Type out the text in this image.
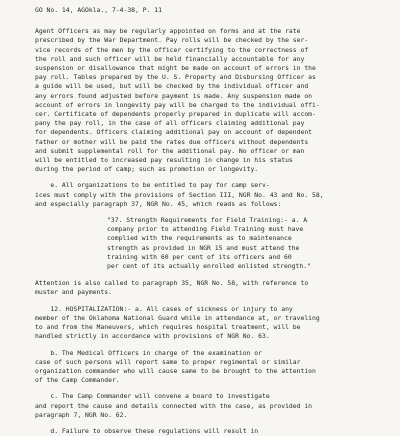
GO No. 14, AGOkla., 7-4-38, P. 11
Agent Officers as may be regularly appointed on forms and at the rate
prescribed by the War Department. Pay rolls will be checked by the ser-
vice records of the men by the officer certifying to the correctness of
the roll and such officer will be held financially accountable for any
suspension or disallowance that might be made on account of errors in the
pay roll. Tables prepared by the U. S. Property and Disbursing Officer as
a guide will be used, but will be checked by the individual officer and
any errors found adjusted before payment is made. Any suspension made on
account of errors in longevity pay will be charged to the individual offi-
cer. Certificate of dependents properly prepared in duplicate will accom-
pany the pay roll, in the case of all officers claiming additional pay
for dependents. Officers claiming additional pay on account of dependent
father or mother will be paid the rates due officers without dependents
and submit supplemental roll for the additional pay. No officer or man
will be entitled to increased pay resulting in change in his status
during the period of camp; such as promotion or longevity.
e. All organizations to be entitled to pay for camp serv-
ices must comply with the provisions of Section III, NGR No. 43 and No. 58,
and especially paragraph 37, NGR No. 45, which reads as follows:
"37. Strength Requirements for Field Training:- a. A
company prior to attending Field Training must have
complied with the requirements as to maintenance
strength as provided in NGR 15 and must attend the
training with 60 per cent of its officers and 60
per cent of its actually enrolled enlisted strength."
Attention is also called to paragraph 35, NGR No. 58, with reference to
muster and payments.
12. HOSPITALIZATION:- a. All cases of sickness or injury to any
member of the Oklahoma National Guard while in attendance at, or traveling
to and from the Maneuvers, which requires hospital treatment, will be
handled strictly in accordance with provisions of NGR No. 63.
b. The Medical Officers in charge of the examination or
case of such persons will report same to proper regimental or similar
organization commander who will cause same to be brought to the attention
of the Camp Commander.
c. The Camp Commander will convene a board to investigate
and report the cause and details connected with the case, as provided in
paragraph 7, NGR No. 62.
d. Failure to observe these regulations will result in
